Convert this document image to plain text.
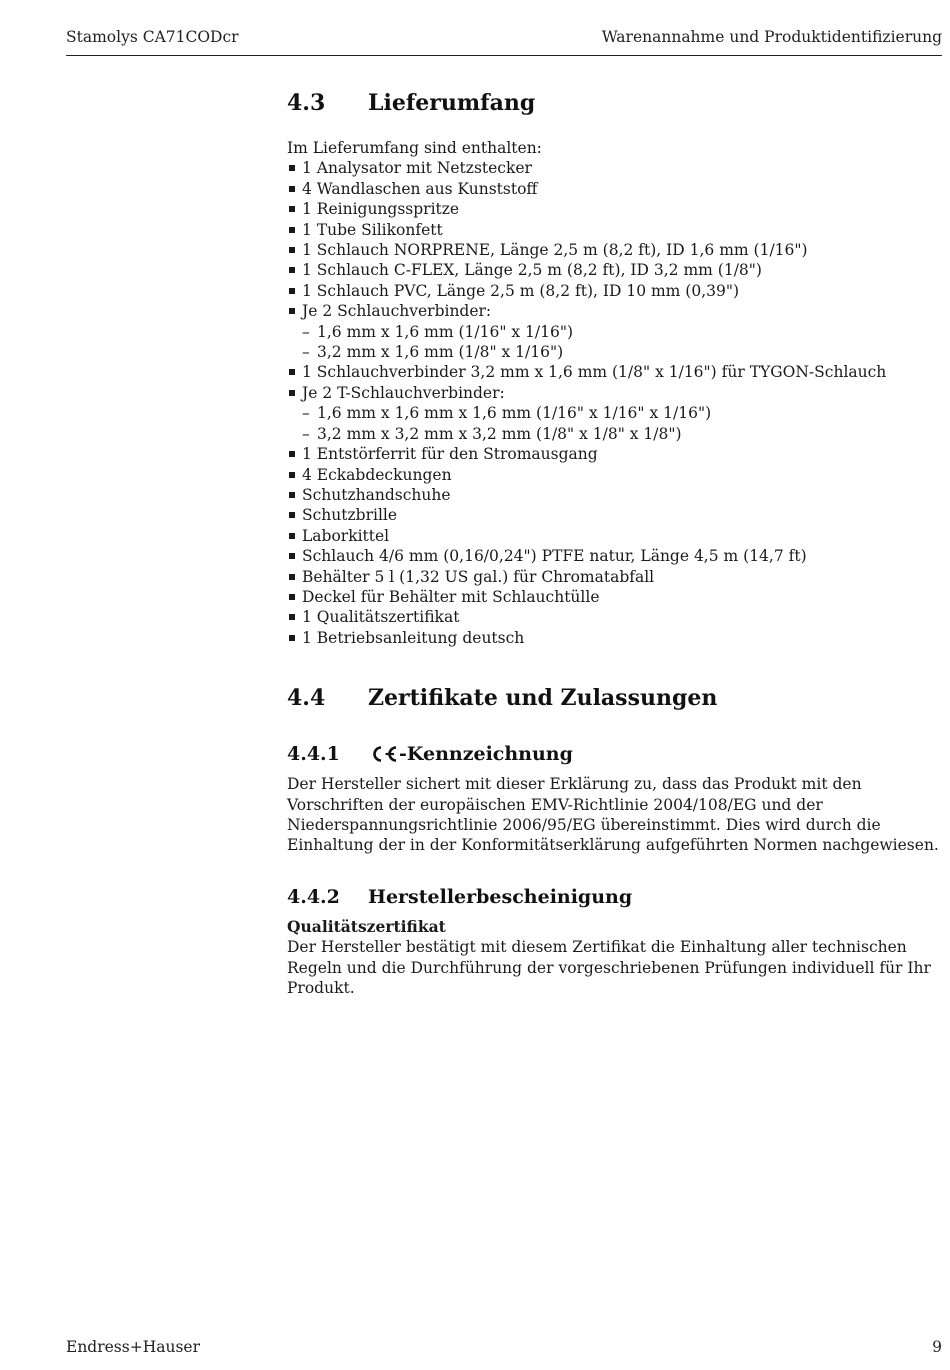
Stamolys CA71CODcr	Warenannahme und Produktidentifizierung
4.3	Lieferumfang

Im Lieferumfang sind enthalten:

1 Analysator mit Netzstecker
4 Wandlaschen aus Kunststoff
1 Reinigungsspritze
1 Tube Silikonfett
1 Schlauch NORPRENE, Länge 2,5 m (8,2 ft), ID 1,6 mm (1/16")
1 Schlauch C-FLEX, Länge 2,5 m (8,2 ft), ID 3,2 mm (1/8")
1 Schlauch PVC, Länge 2,5 m (8,2 ft), ID 10 mm (0,39")
Je 2 Schlauchverbinder:
– 1,6 mm x 1,6 mm (1/16" x 1/16")
– 3,2 mm x 1,6 mm (1/8" x 1/16")
1 Schlauchverbinder 3,2 mm x 1,6 mm (1/8" x 1/16") für TYGON-Schlauch
Je 2 T-Schlauchverbinder:
– 1,6 mm x 1,6 mm x 1,6 mm (1/16" x 1/16" x 1/16")
– 3,2 mm x 3,2 mm x 3,2 mm (1/8" x 1/8" x 1/8")
1 Entstörferrit für den Stromausgang
4 Eckabdeckungen
Schutzhandschuhe
Schutzbrille
Laborkittel
Schlauch 4/6 mm (0,16/0,24") PTFE natur, Länge 4,5 m (14,7 ft)
Behälter 5 l (1,32 US gal.) für Chromatabfall
Deckel für Behälter mit Schlauchtülle
1 Qualitätszertifikat
1 Betriebsanleitung deutsch
4.4	Zertifikate und Zulassungen
4.4.1	-Kennzeichnung

Der Hersteller sichert mit dieser Erklärung zu, dass das Produkt mit den Vorschriften der europäischen EMV-Richtlinie 2004/108/EG und der Niederspannungsrichtlinie 2006/95/EG übereinstimmt. Dies wird durch die Einhaltung der in der Konformitätserklärung aufgeführten Normen nachgewiesen.

4.4.2	Herstellerbescheinigung

Qualitätszertifikat

Der Hersteller bestätigt mit diesem Zertifikat die Einhaltung aller technischen Regeln und die Durchführung der vorgeschriebenen Prüfungen individuell für Ihr Produkt.

Endress+Hauser	9
